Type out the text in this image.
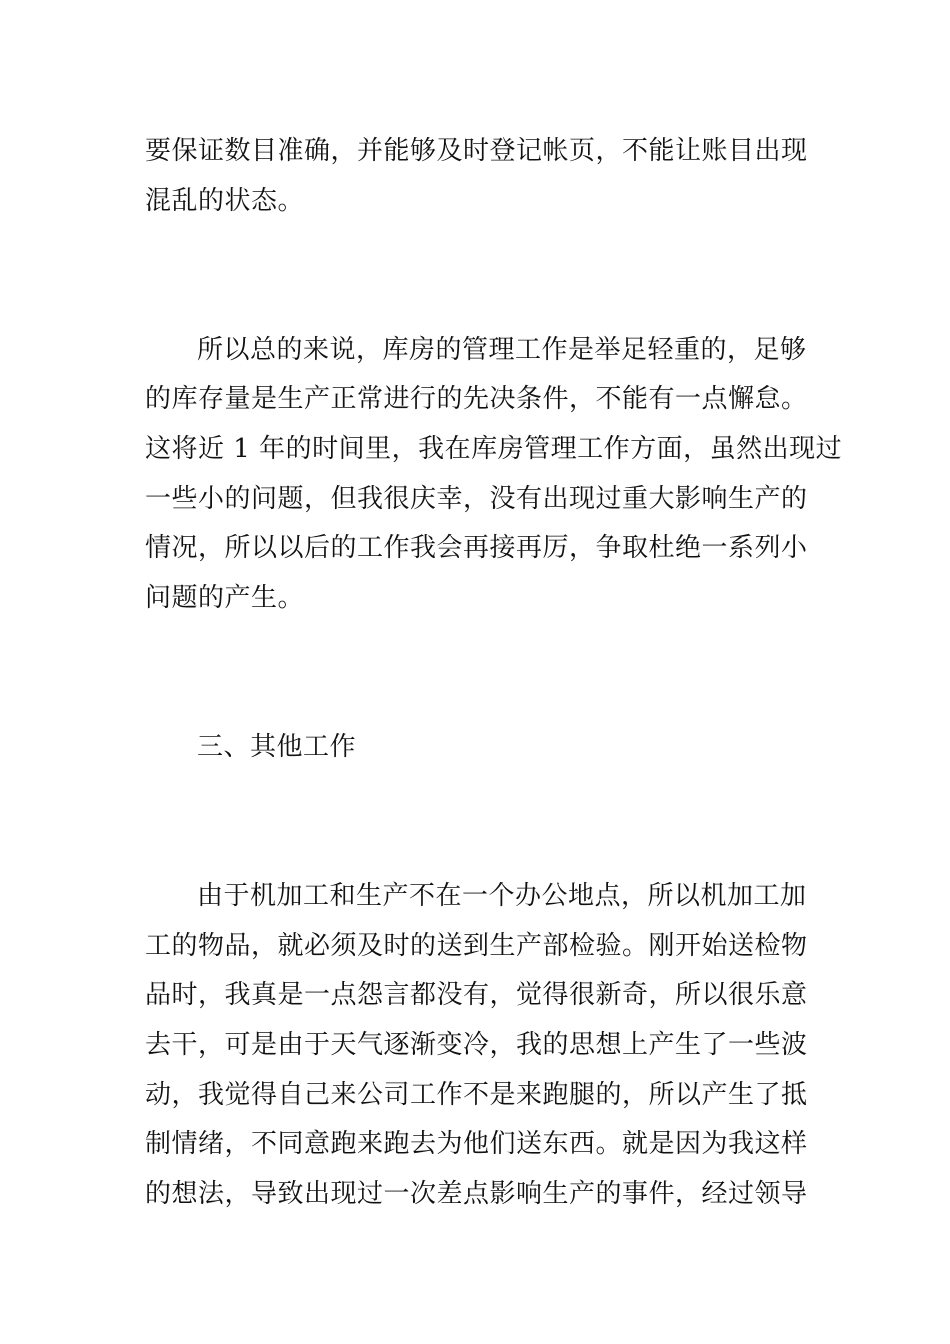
要保证数目准确，并能够及时登记帐页，不能让账目出现
混乱的状态。
所以总的来说，库房的管理工作是举足轻重的，足够
的库存量是生产正常进行的先决条件，不能有一点懈怠。
这将近 1 年的时间里，我在库房管理工作方面，虽然出现过
一些小的问题，但我很庆幸，没有出现过重大影响生产的
情况，所以以后的工作我会再接再厉，争取杜绝一系列小
问题的产生。
三、其他工作
由于机加工和生产不在一个办公地点，所以机加工加
工的物品，就必须及时的送到生产部检验。刚开始送检物
品时，我真是一点怨言都没有，觉得很新奇，所以很乐意
去干，可是由于天气逐渐变冷，我的思想上产生了一些波
动，我觉得自己来公司工作不是来跑腿的，所以产生了抵
制情绪，不同意跑来跑去为他们送东西。就是因为我这样
的想法，导致出现过一次差点影响生产的事件，经过领导
